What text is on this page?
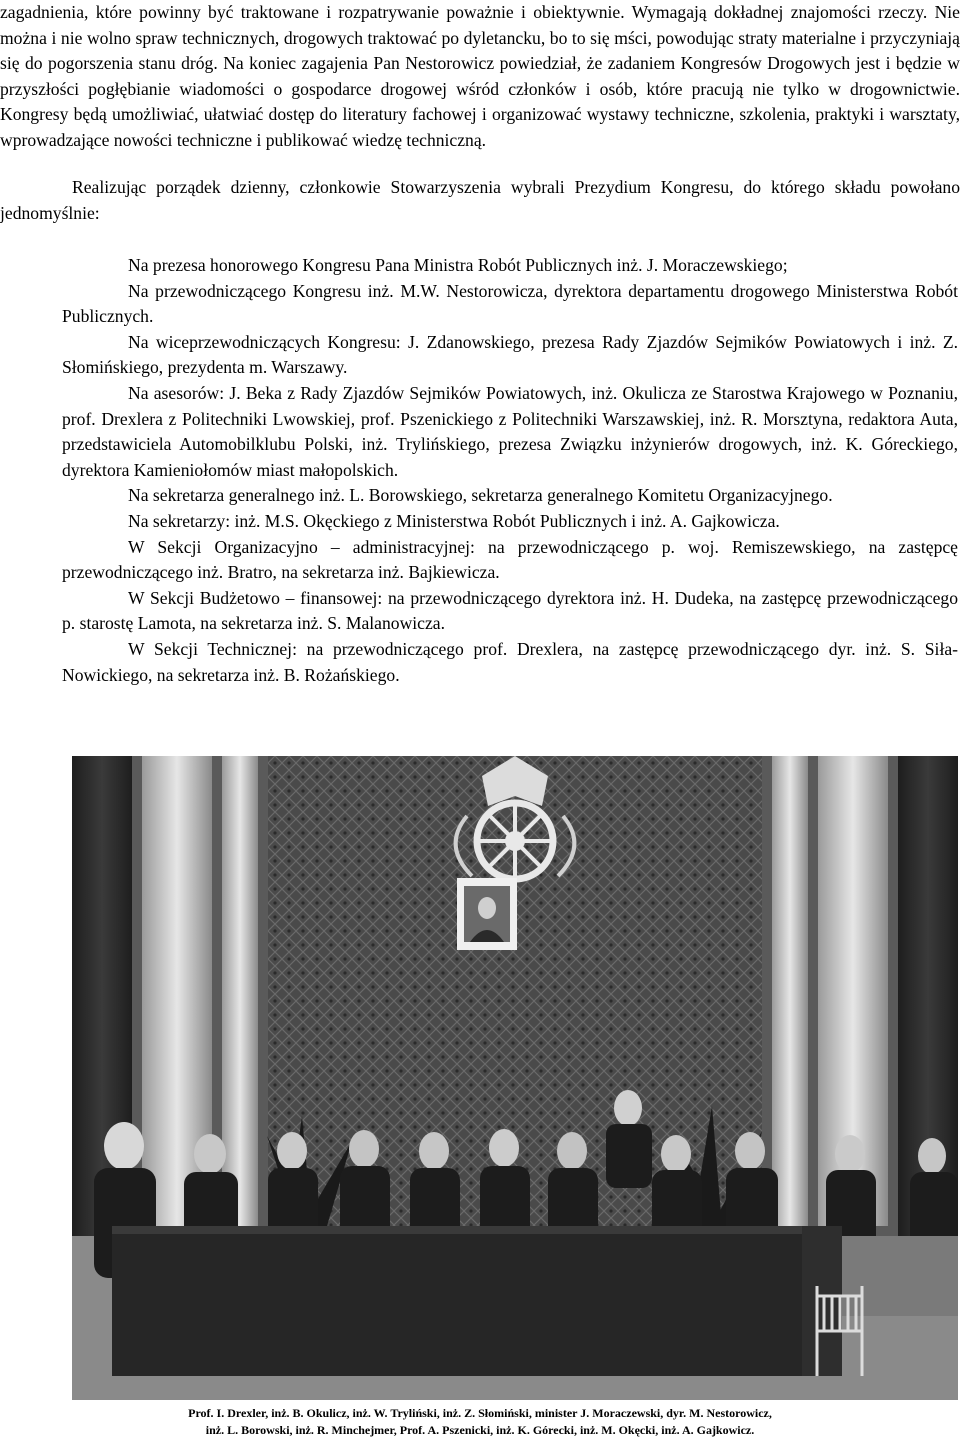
zagadnienia, które powinny być traktowane i rozpatrywanie poważnie i obiektywnie. Wymagają dokładnej znajomości rzeczy. Nie można i nie wolno spraw technicznych, drogowych traktować po dyletancku, bo to się mści, powodując straty materialne i przyczyniają się do pogorszenia stanu dróg. Na koniec zagajenia Pan Nestorowicz powiedział, że zadaniem Kongresów Drogowych jest i będzie w przyszłości pogłębianie wiadomości o gospodarce drogowej wśród członków i osób, które pracują nie tylko w drogownictwie. Kongresy będą umożliwiać, ułatwiać dostęp do literatury fachowej i organizować wystawy techniczne, szkolenia, praktyki i warsztaty, wprowadzające nowości techniczne i publikować wiedzę techniczną.

Realizując porządek dzienny, członkowie Stowarzyszenia wybrali Prezydium Kongresu, do którego składu powołano jednomyślnie:

Na prezesa honorowego Kongresu Pana Ministra Robót Publicznych inż. J. Moraczewskiego;

Na przewodniczącego Kongresu inż. M.W. Nestorowicza, dyrektora departamentu drogowego Ministerstwa Robót Publicznych.

Na wiceprzewodniczących Kongresu: J. Zdanowskiego, prezesa Rady Zjazdów Sejmików Powiatowych i inż. Z. Słomińskiego, prezydenta m. Warszawy.

Na asesorów: J. Beka z Rady Zjazdów Sejmików Powiatowych, inż. Okulicza ze Starostwa Krajowego w Poznaniu, prof. Drexlera z Politechniki Lwowskiej, prof. Pszenickiego z Politechniki Warszawskiej, inż. R. Morsztyna, redaktora Auta, przedstawiciela Automobilklubu Polski, inż. Trylińskiego, prezesa Związku inżynierów drogowych, inż. K. Góreckiego, dyrektora Kamieniołomów miast małopolskich.

Na sekretarza generalnego inż. L. Borowskiego, sekretarza generalnego Komitetu Organizacyjnego.

Na sekretarzy: inż. M.S. Okęckiego z Ministerstwa Robót Publicznych i inż. A. Gajkowicza.

W Sekcji Organizacyjno – administracyjnej: na przewodniczącego p. woj. Remiszewskiego, na zastępcę przewodniczącego inż. Bratro, na sekretarza inż. Bajkiewicza.

W Sekcji Budżetowo – finansowej: na przewodniczącego dyrektora inż. H. Dudeka, na zastępcę przewodniczącego p. starostę Lamota, na sekretarza inż. S. Malanowicza.

W Sekcji Technicznej: na przewodniczącego prof. Drexlera, na zastępcę przewodniczącego dyr. inż. S. Siła-Nowickiego, na sekretarza inż. B. Rożańskiego.

Prof. I. Drexler, inż. B. Okulicz, inż. W. Tryliński, inż. Z. Słomiński, minister J. Moraczewski, dyr. M. Nestorowicz,
inż. L. Borowski, inż. R. Minchejmer, Prof. A. Pszenicki, inż. K. Górecki, inż. M. Okęcki, inż. A. Gajkowicz.
